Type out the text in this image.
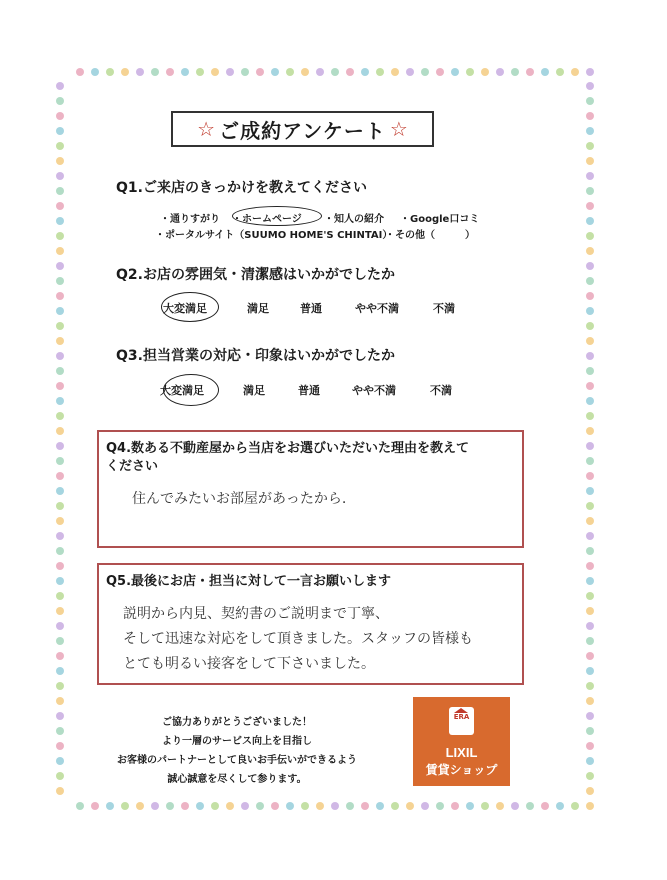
☆ ご成約アンケート ☆
Q1.ご来店のきっかけを教えてください
・通りすがり ・ホームページ ・知人の紹介 ・Google口コミ
・ポータルサイト（SUUMO HOME'S CHINTAI）
・その他（　　　）
Q2.お店の雰囲気・清潔感はいかがでしたか
大変満足	満足	普通	やや不満	不満
Q3.担当営業の対応・印象はいかがでしたか
大変満足	満足	普通	やや不満	不満
Q4.数ある不動産屋から当店をお選びいただいた理由を教えて
ください
住んでみたいお部屋があったから.
Q5.最後にお店・担当に対して一言お願いします
説明から内見、契約書のご説明まで丁寧、
そして迅速な対応をして頂きました。スタッフの皆様も
とても明るい接客をして下さいました。
ご協力ありがとうございました！
より一層のサービス向上を目指し
お客様のパートナーとして良いお手伝いができるよう
誠心誠意を尽くして参ります。
ERA
LIXIL
賃貸ショップ
